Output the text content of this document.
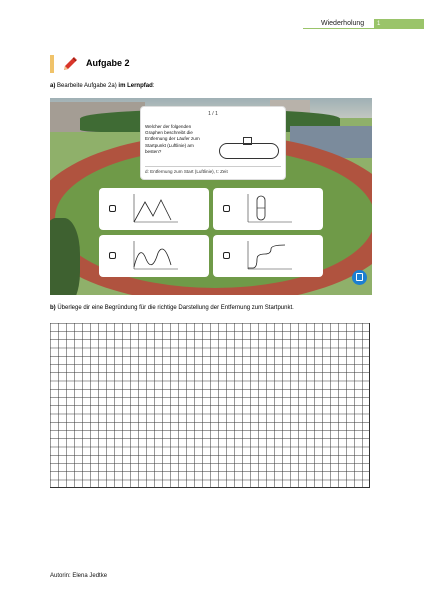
Wiederholung	1
Aufgabe 2
a) Bearbeite Aufgabe 2a) im Lernpfad:
1 / 1
Welcher der folgenden Graphen beschreibt die Entfernung der Läufer zum Startpunkt (Luftlinie) am besten?
d: Entfernung zum Start (Luftlinie), t: Zeit
b) Überlege dir eine Begründung für die richtige Darstellung der Entfernung zum Startpunkt.
Autorin: Elena Jedtke
